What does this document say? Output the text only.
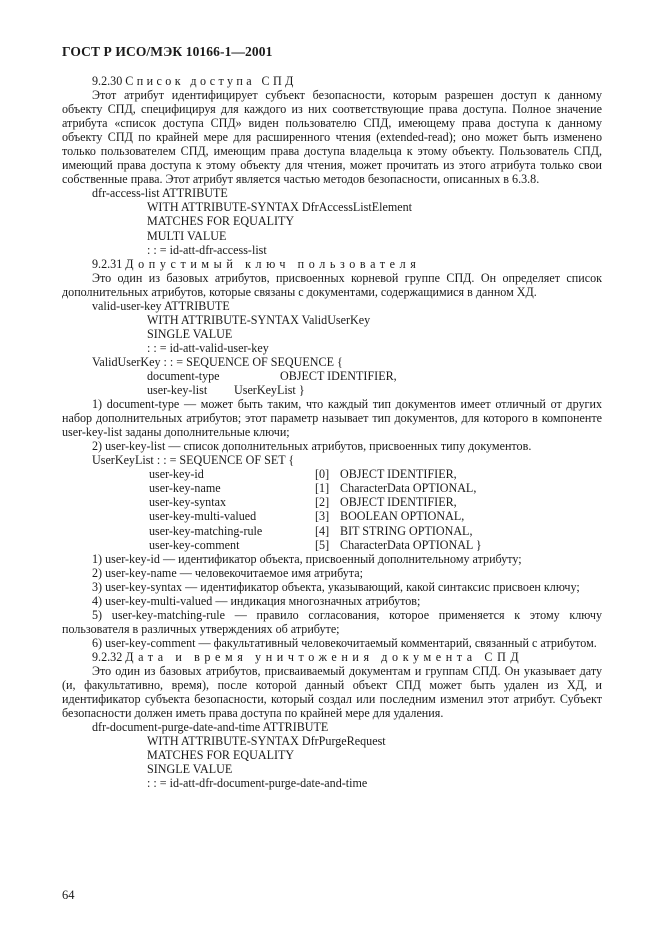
ГОСТ Р ИСО/МЭК 10166-1—2001

9.2.30 Список доступа СПД

Этот атрибут идентифицирует субъект безопасности, которым разрешен доступ к данному объекту СПД, специфицируя для каждого из них соответствующие права доступа. Полное значение атрибута «список доступа СПД» виден пользователю СПД, имеющему права доступа к данному объекту СПД по крайней мере для расширенного чтения (extended-read); оно может быть изменено только пользователем СПД, имеющим права доступа владельца к этому объекту. Пользователь СПД, имеющий права доступа к этому объекту для чтения, может прочитать из этого атрибута только свои собственные права. Этот атрибут является частью методов безопасности, описанных в 6.3.8.

dfr-access-list ATTRIBUTE

WITH ATTRIBUTE-SYNTAX DfrAccessListElement

MATCHES FOR EQUALITY

MULTI VALUE

: : = id-att-dfr-access-list

9.2.31 Допустимый ключ пользователя

Это один из базовых атрибутов, присвоенных корневой группе СПД. Он определяет список дополнительных атрибутов, которые связаны с документами, содержащимися в данном ХД.

valid-user-key ATTRIBUTE

WITH ATTRIBUTE-SYNTAX ValidUserKey

SINGLE VALUE

: : = id-att-valid-user-key

ValidUserKey : : = SEQUENCE OF SEQUENCE {

document-type	OBJECT IDENTIFIER,
user-key-list UserKeyList }

1) document-type — может быть таким, что каждый тип документов имеет отличный от других набор дополнительных атрибутов; этот параметр называет тип документов, для которого в компоненте user-key-list заданы дополнительные ключи;

2) user-key-list — список дополнительных атрибутов, присвоенных типу документов.

UserKeyList : : = SEQUENCE OF SET {

user-key-id	[0] OBJECT IDENTIFIER,
user-key-name	[1] CharacterData OPTIONAL,
user-key-syntax	[2] OBJECT IDENTIFIER,
user-key-multi-valued	[3] BOOLEAN OPTIONAL,
user-key-matching-rule	[4] BIT STRING OPTIONAL,
user-key-comment	[5] CharacterData OPTIONAL }

1) user-key-id — идентификатор объекта, присвоенный дополнительному атрибуту;

2) user-key-name — человекочитаемое имя атрибута;

3) user-key-syntax — идентификатор объекта, указывающий, какой синтаксис присвоен ключу;

4) user-key-multi-valued — индикация многозначных атрибутов;

5) user-key-matching-rule — правило согласования, которое применяется к этому ключу пользователя в различных утверждениях об атрибуте;

6) user-key-comment — факультативный человекочитаемый комментарий, связанный с атрибутом.

9.2.32 Дата и время уничтожения документа СПД

Это один из базовых атрибутов, присваиваемый документам и группам СПД. Он указывает дату (и, факультативно, время), после которой данный объект СПД может быть удален из ХД, и идентификатор субъекта безопасности, который создал или последним изменил этот атрибут. Субъект безопасности должен иметь права доступа по крайней мере для удаления.

dfr-document-purge-date-and-time ATTRIBUTE

WITH ATTRIBUTE-SYNTAX DfrPurgeRequest

MATCHES FOR EQUALITY

SINGLE VALUE

: : = id-att-dfr-document-purge-date-and-time

64
